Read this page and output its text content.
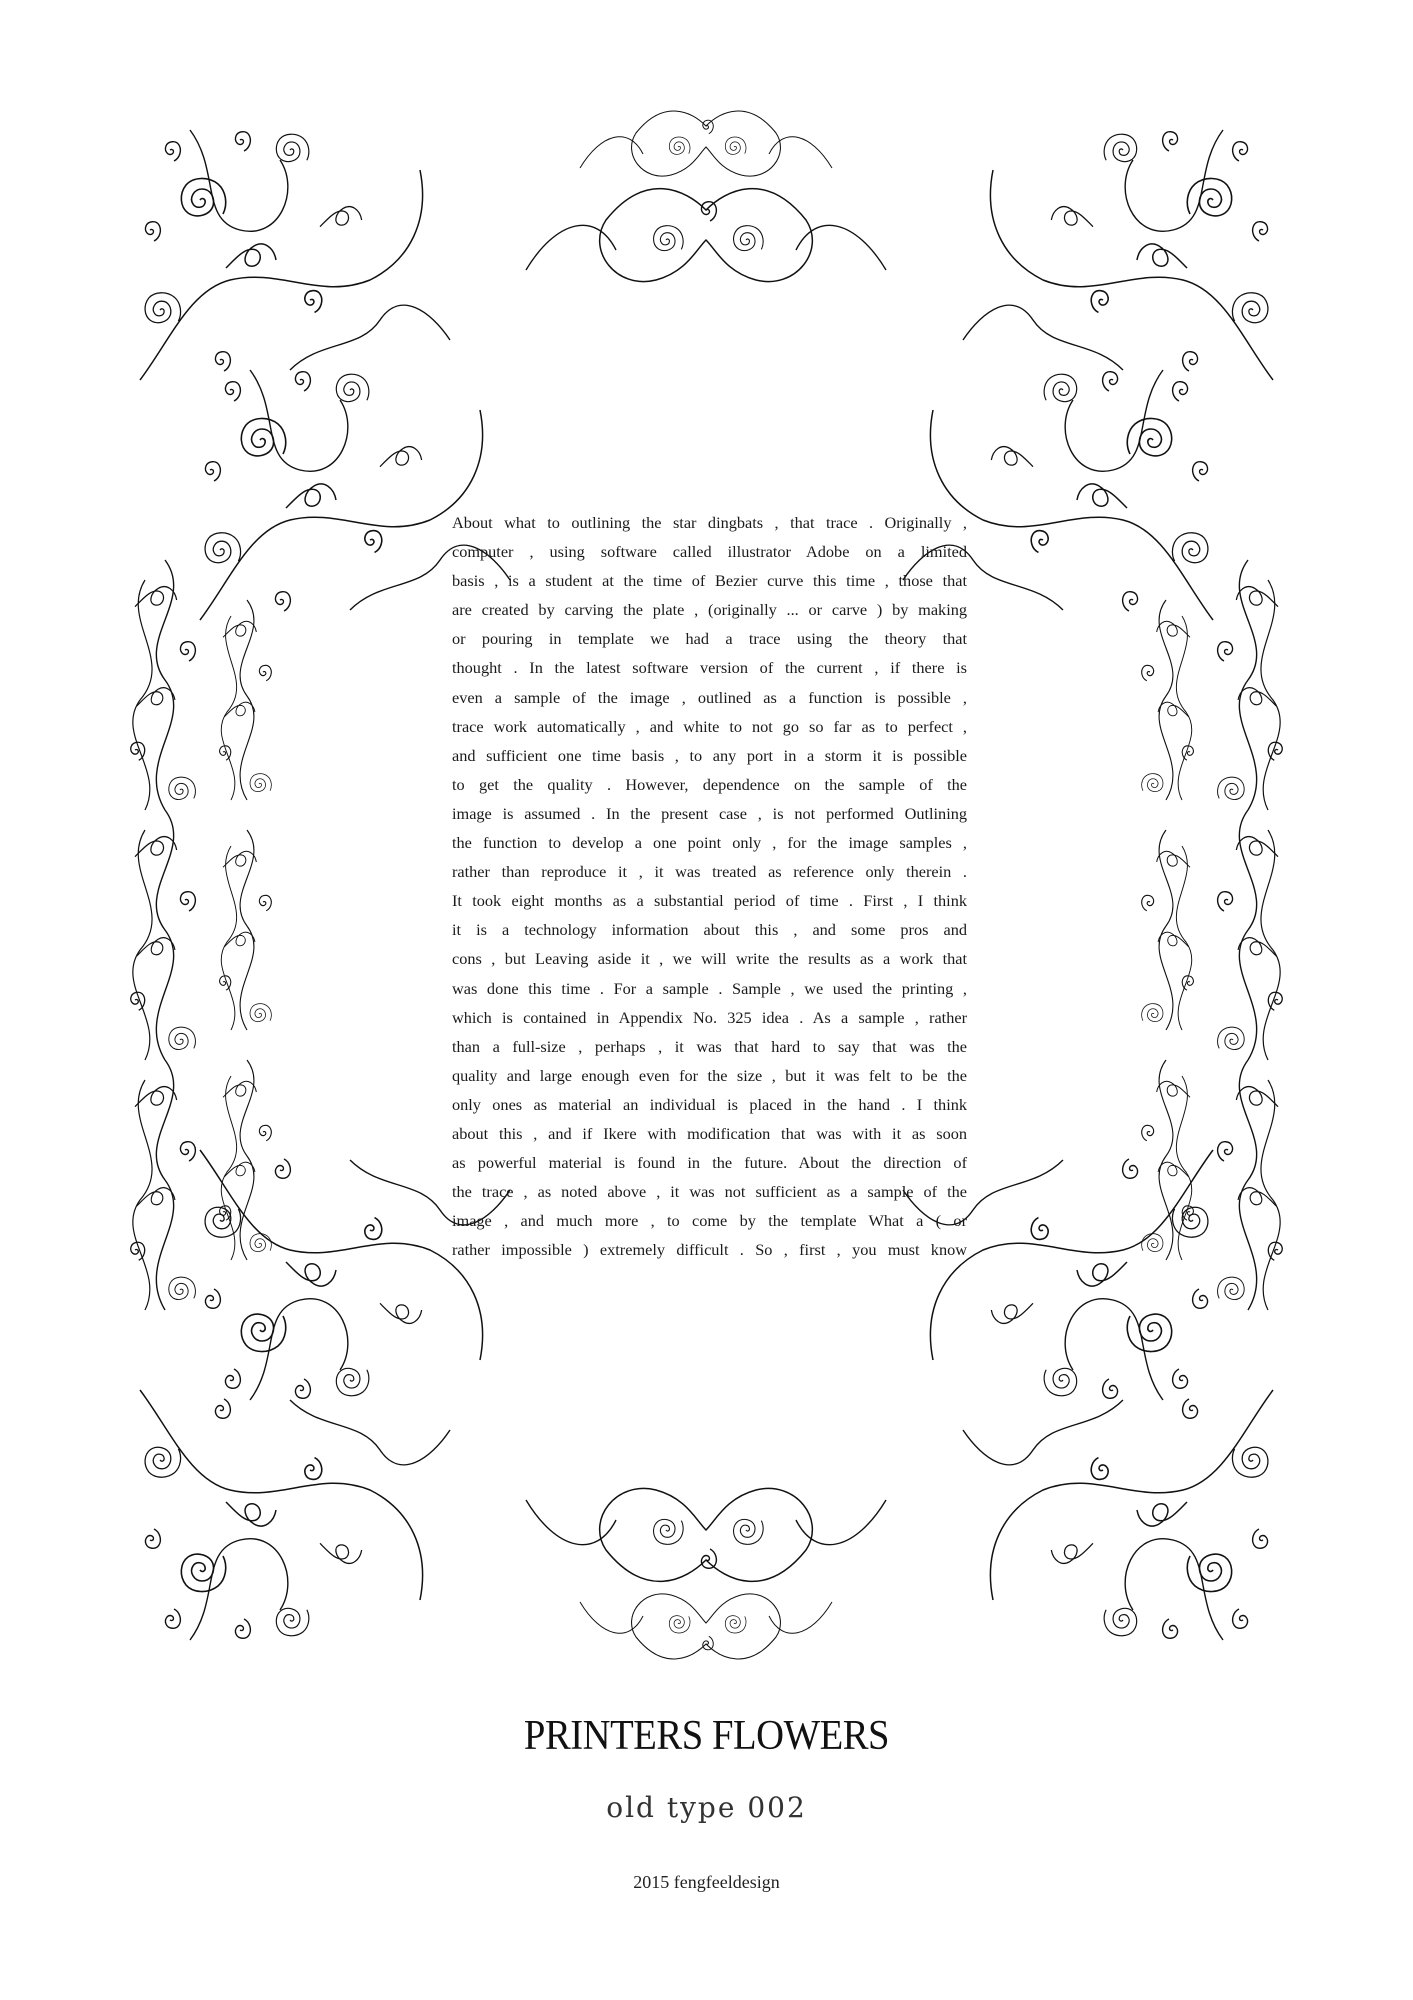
About what to outlining the star dingbats , that trace . Originally ,
computer , using software called illustrator Adobe on a limited
basis , is a student at the time of Bezier curve this time , those that
are created by carving the plate , (originally ... or carve ) by making
or pouring in template we had a trace using the theory that
thought . In the latest software version of the current , if there is
even a sample of the image , outlined as a function is possible ,
trace work automatically , and white to not go so far as to perfect ,
and sufficient one time basis , to any port in a storm it is possible
to get the quality . However, dependence on the sample of the
image is assumed . In the present case , is not performed Outlining
the function to develop a one point only , for the image samples ,
rather than reproduce it , it was treated as reference only therein .
It took eight months as a substantial period of time . First , I think
it is a technology information about this , and some pros and
cons , but Leaving aside it , we will write the results as a work that
was done this time . For a sample . Sample , we used the printing ,
which is contained in Appendix No. 325 idea . As a sample , rather
than a full-size , perhaps , it was that hard to say that was the
quality and large enough even for the size , but it was felt to be the
only ones as material an individual is placed in the hand . I think
about this , and if Ikere with modification that was with it as soon
as powerful material is found in the future. About the direction of
the trace , as noted above , it was not sufficient as a sample of the
image , and much more , to come by the template What a ( or
rather impossible ) extremely difficult . So , first , you must know
PRINTERS FLOWERS
old type 002
2015 fengfeeldesign
